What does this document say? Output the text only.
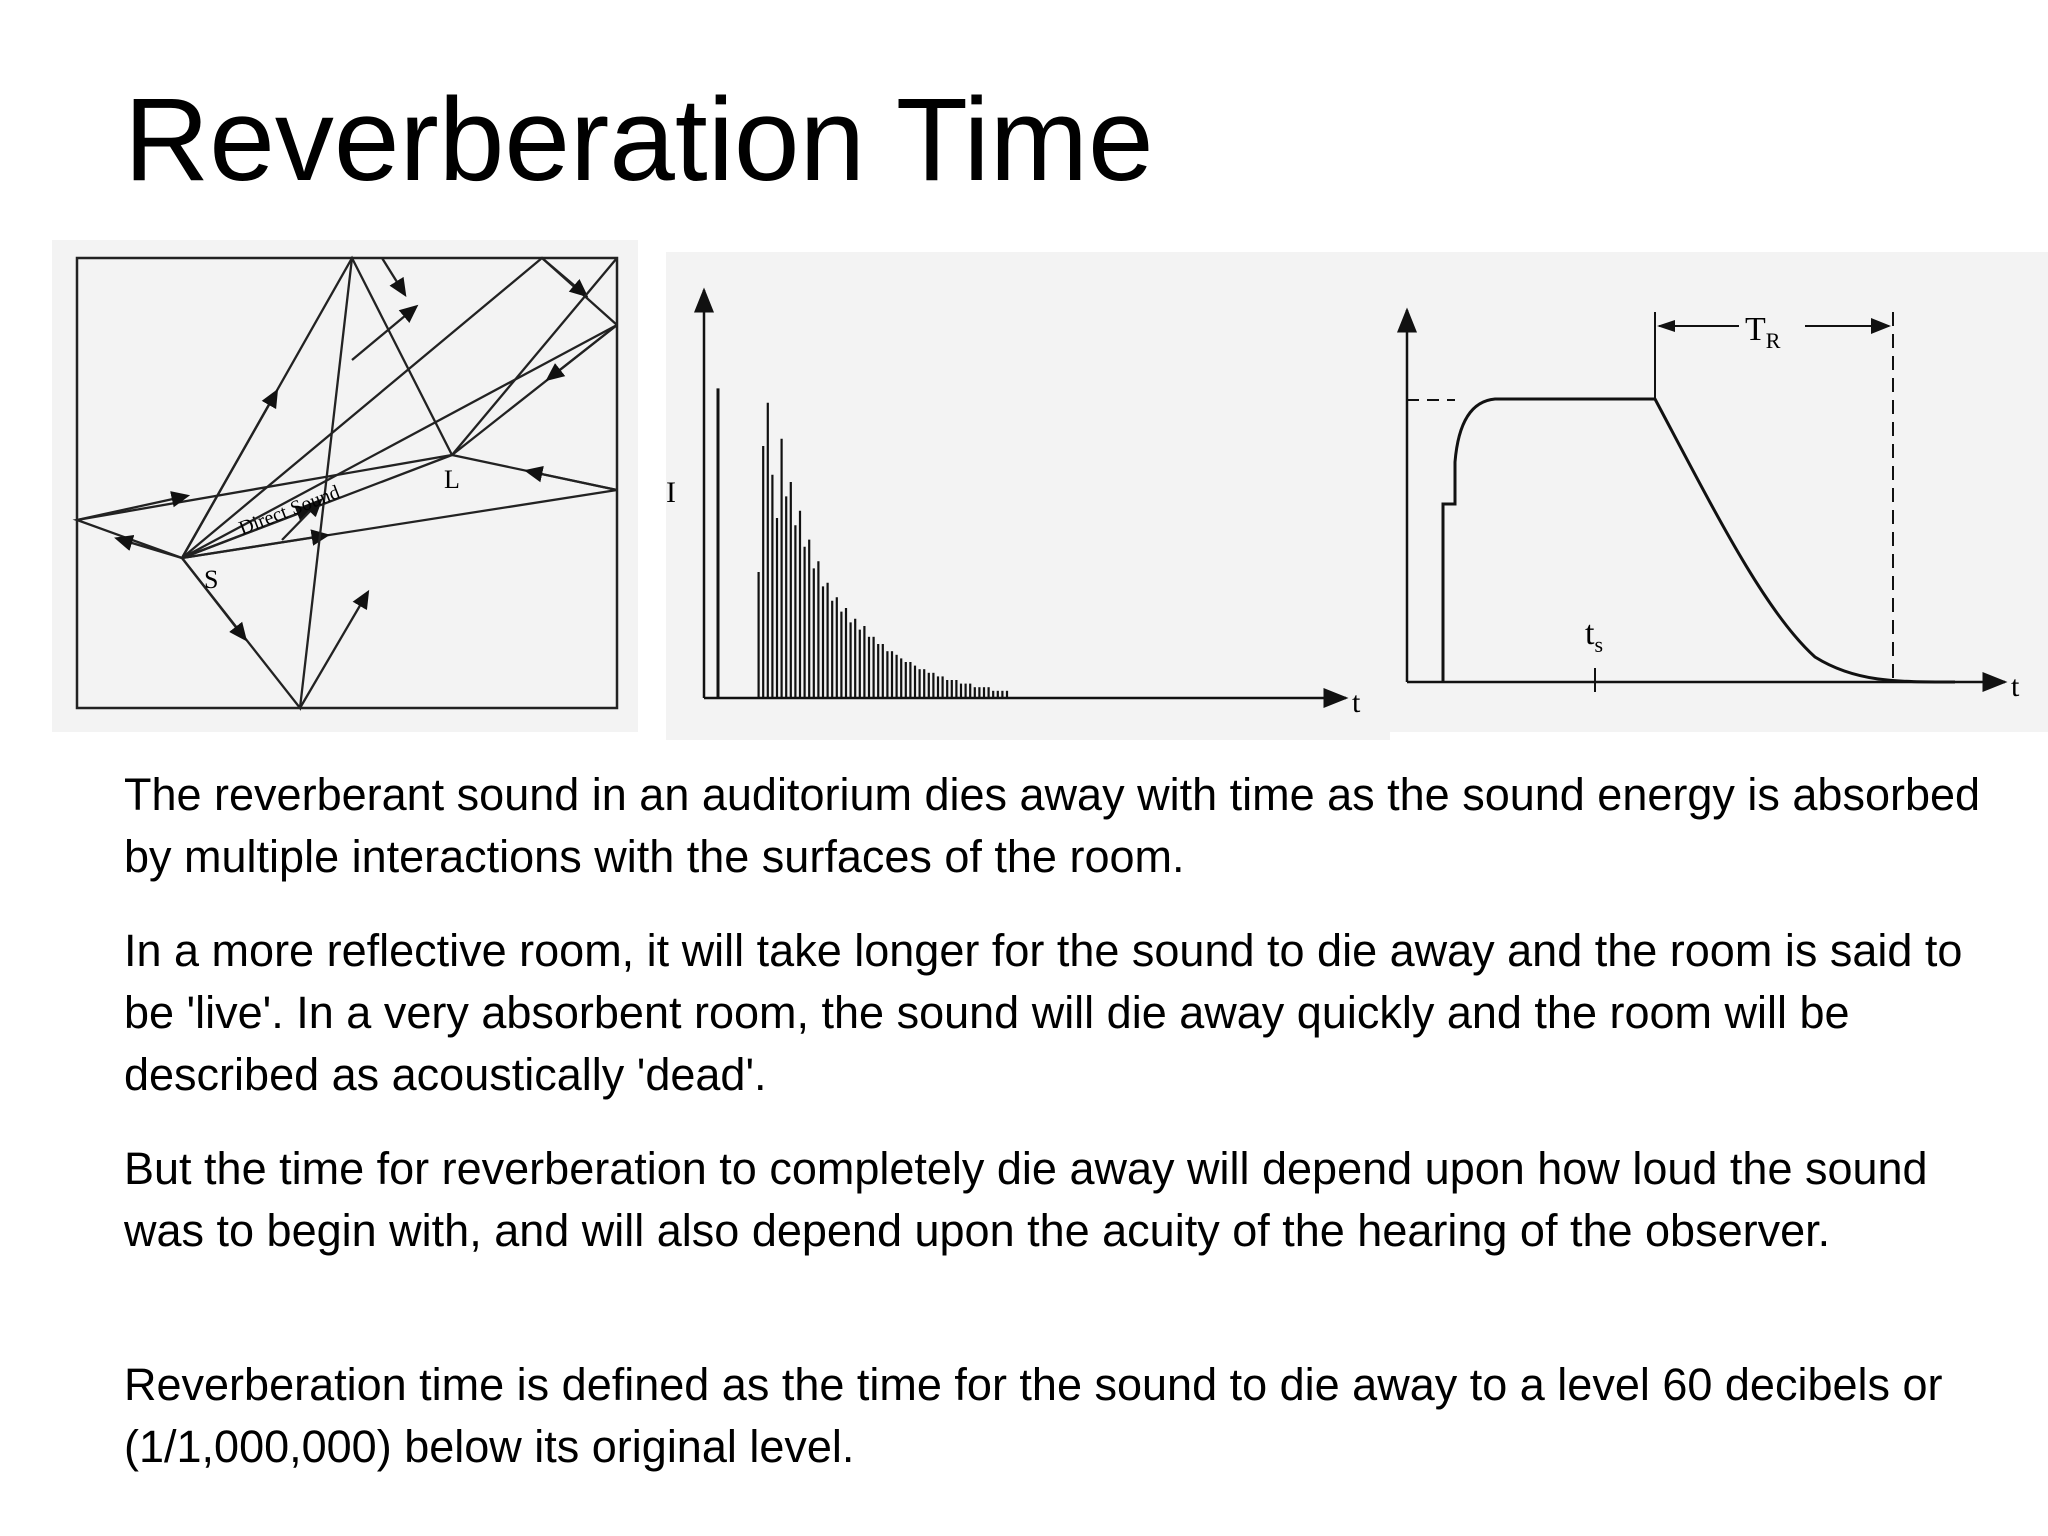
Reverberation Time
S
L
Direct Sound	I
t
$T_R$
$t_s$
t

The reverberant sound in an auditorium dies away with time as the sound energy is absorbed by multiple interactions with the surfaces of the room.

In a more reflective room, it will take longer for the sound to die away and the room is said to be 'live'. In a very absorbent room, the sound will die away quickly and the room will be described as acoustically 'dead'.

But the time for reverberation to completely die away will depend upon how loud the sound was to begin with, and will also depend upon the acuity of the hearing of the observer.

Reverberation time is defined as the time for the sound to die away to a level 60 decibels or (1/1,000,000) below its original level.
